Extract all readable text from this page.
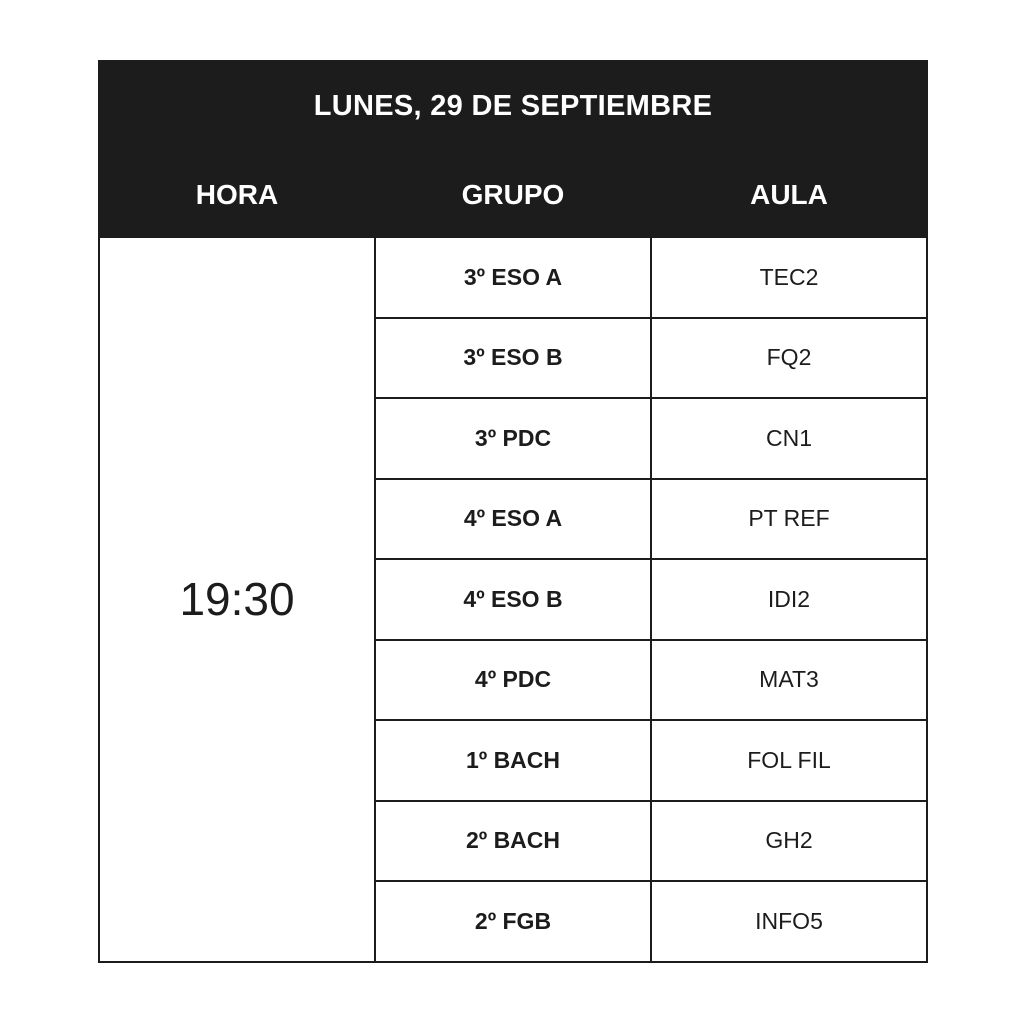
LUNES, 29 DE SEPTIEMBRE		
HORA	GRUPO	AULA
19:30	3º ESO A	TEC2
	3º ESO B	FQ2
	3º PDC	CN1
	4º ESO A	PT REF
	4º ESO B	IDI2
	4º PDC	MAT3
	1º BACH	FOL FIL
	2º BACH	GH2
	2º FGB	INFO5
